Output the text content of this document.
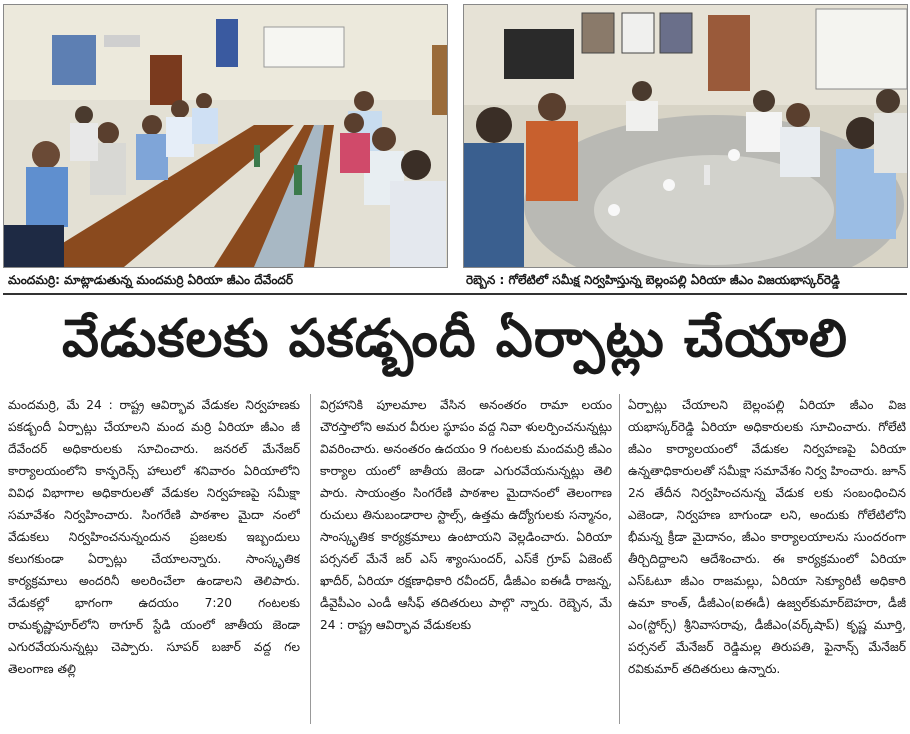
మందమర్రి: మాట్లాడుతున్న మందమర్రి ఏరియా జీఎం దేవేందర్	రెబ్బెన : గోలేటిలో సమీక్ష నిర్వహిస్తున్న బెల్లంపల్లి ఏరియా జీఎం విజయభాస్కర్‌రెడ్డి
వేడుకలకు పకడ్బందీ ఏర్పాట్లు చేయాలి
మందమర్రి, మే 24 : రాష్ట్ర ఆవిర్భావ వేడుకల నిర్వహణకు పకడ్బందీ ఏర్పాట్లు చేయాలని మంద మర్రి ఏరియా జీఎం జీ దేవేందర్ అధికారులకు సూచించారు. జనరల్ మేనేజర్ కార్యాలయంలోని కాన్ఫరెన్స్ హాలులో శనివారం ఏరియాలోని వివిధ విభాగాల అధికారులతో వేడుకల నిర్వహణపై సమీక్షా సమావేశం నిర్వహించారు. సింగరేణి పాఠశాల మైదా నంలో వేడుకలు నిర్వహించనున్నందున ప్రజలకు ఇబ్బందులు కలుగకుండా ఏర్పాట్లు చేయాలన్నారు. సాంస్కృతిక కార్యక్రమాలు అందరినీ అలరించేలా ఉండాలని తెలిపారు. వేడుకల్లో భాగంగా ఉదయం 7:20 గంటలకు రామకృష్ణాపూర్‌లోని ఠాగూర్ స్టేడి యంలో జాతీయ జెండా ఎగురవేయనున్నట్లు చెప్పారు. సూపర్ బజార్ వద్ద గల తెలంగాణ తల్లి
విగ్రహానికి పూలమాల వేసిన అనంతరం రామా లయం చౌరస్తాలోని అమర వీరుల స్థూపం వద్ద నివా ళులర్పించనున్నట్లు వివరించారు. అనంతరం ఉదయం 9 గంటలకు మందమర్రి జీఎం కార్యాల యంలో జాతీయ జెండా ఎగురవేయనున్నట్లు తెలి పారు. సాయంత్రం సింగరేణి పాఠశాల మైదానంలో తెలంగాణ రుచులు తినుబండారాల స్టాల్స్, ఉత్తమ ఉద్యోగులకు సన్మానం, సాంస్కృతిక కార్యక్రమాలు ఉంటాయని వెల్లడించారు. ఏరియా పర్సనల్ మేనే జర్ ఎస్ శ్యాంసుందర్, ఎస్‌కే గ్రూప్ ఏజెంట్ ఖాదీర్, ఏరియా రక్షణాధికారి రవీందర్, డీజీఎం ఐఈడీ రాజన్న, డీవైపీఎం ఎండీ ఆసీఫ్ తదితరులు పాల్గొ న్నారు. రెబ్బెన, మే 24 : రాష్ట్ర ఆవిర్భావ వేడుకలకు
ఏర్పాట్లు చేయాలని బెల్లంపల్లి ఏరియా జీఎం విజ యభాస్కర్‌రెడ్డి ఏరియా అధికారులకు సూచించారు. గోలేటి జీఎం కార్యాలయంలో వేడుకల నిర్వహణపై ఏరియా ఉన్నతాధికారులతో సమీక్షా సమావేశం నిర్వ హించారు. జూన్ 2న తేదీన నిర్వహించనున్న వేడుక లకు సంబంధించిన ఎజెండా, నిర్వహణ బాగుండా లని, అందుకు గోలేటిలోని భీమన్న క్రీడా మైదానం, జీఎం కార్యాలయాలను సుందరంగా తీర్చిదిద్దాలని ఆదేశించారు. ఈ కార్యక్రమంలో ఏరియా ఎస్‌ఓటూ జీఎం రాజమల్లు, ఏరియా సెక్యూరిటీ అధికారి ఉమా కాంత్, డీజీఎం(ఐఈడీ) ఉజ్వల్‌కుమార్‌బెహరా, డీజీ ఎం(స్టోర్స్) శ్రీనివాసరావు, డీజీఎం(వర్క్‌షాప్) కృష్ణ మూర్తి, పర్సనల్ మేనేజర్ రెడ్డిమల్ల తిరుపతి, ఫైనాన్స్ మేనేజర్ రవికుమార్ తదితరులు ఉన్నారు.
